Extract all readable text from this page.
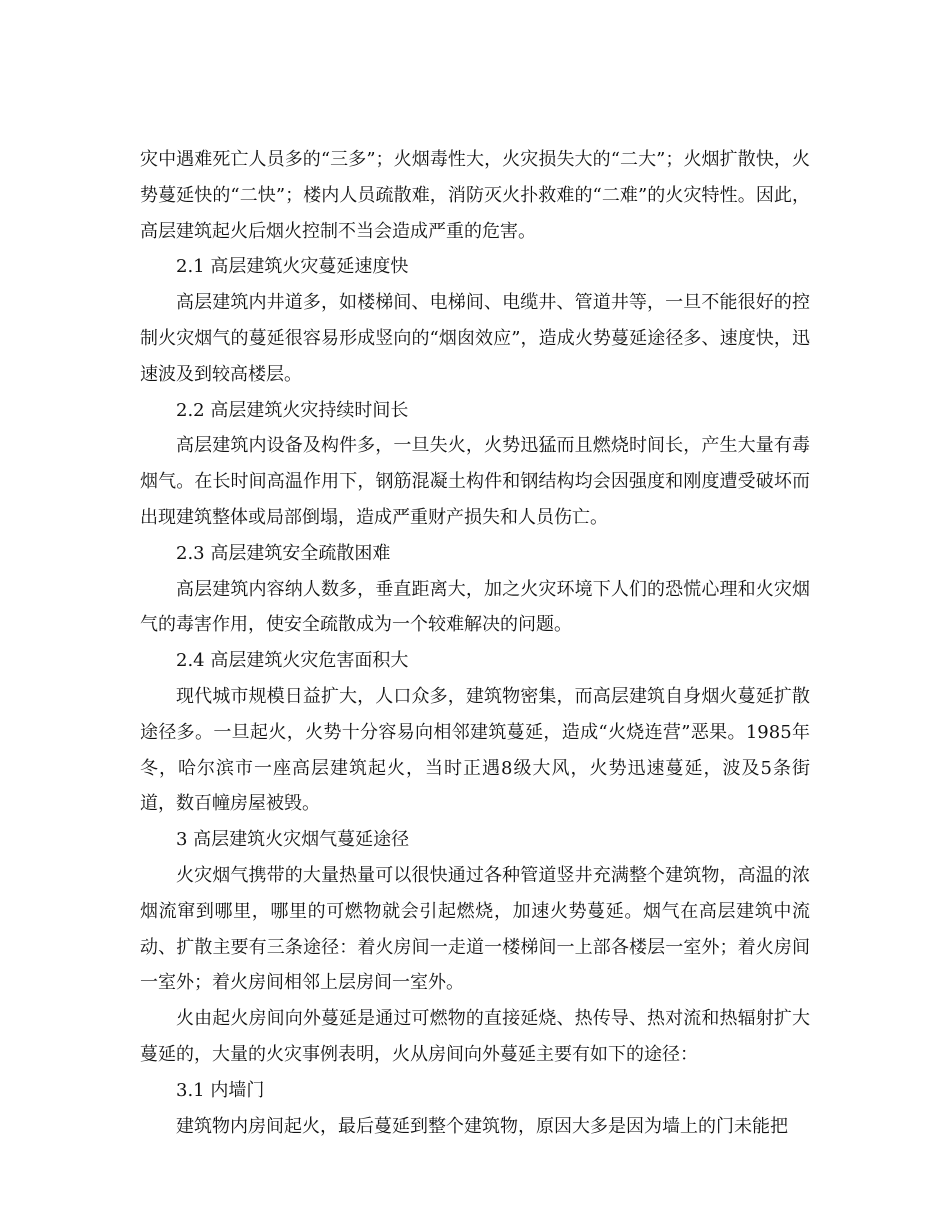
灾中遇难死亡人员多的“三多”；火烟毒性大，火灾损失大的“二大”；火烟扩散快，火势蔓延快的“二快”；楼内人员疏散难，消防灭火扑救难的“二难”的火灾特性。因此，高层建筑起火后烟火控制不当会造成严重的危害。

2.1 高层建筑火灾蔓延速度快

高层建筑内井道多，如楼梯间、电梯间、电缆井、管道井等，一旦不能很好的控制火灾烟气的蔓延很容易形成竖向的“烟囱效应”，造成火势蔓延途径多、速度快，迅速波及到较高楼层。

2.2 高层建筑火灾持续时间长

高层建筑内设备及构件多，一旦失火，火势迅猛而且燃烧时间长，产生大量有毒烟气。在长时间高温作用下，钢筋混凝土构件和钢结构均会因强度和刚度遭受破坏而出现建筑整体或局部倒塌，造成严重财产损失和人员伤亡。

2.3 高层建筑安全疏散困难

高层建筑内容纳人数多，垂直距离大，加之火灾环境下人们的恐慌心理和火灾烟气的毒害作用，使安全疏散成为一个较难解决的问题。

2.4 高层建筑火灾危害面积大

现代城市规模日益扩大，人口众多，建筑物密集，而高层建筑自身烟火蔓延扩散途径多。一旦起火，火势十分容易向相邻建筑蔓延，造成“火烧连营”恶果。1985年冬，哈尔滨市一座高层建筑起火，当时正遇8级大风，火势迅速蔓延，波及5条街道，数百幢房屋被毁。

3 高层建筑火灾烟气蔓延途径

火灾烟气携带的大量热量可以很快通过各种管道竖井充满整个建筑物，高温的浓烟流窜到哪里，哪里的可燃物就会引起燃烧，加速火势蔓延。烟气在高层建筑中流动、扩散主要有三条途径：着火房间一走道一楼梯间一上部各楼层一室外；着火房间一室外；着火房间相邻上层房间一室外。

火由起火房间向外蔓延是通过可燃物的直接延烧、热传导、热对流和热辐射扩大蔓延的，大量的火灾事例表明，火从房间向外蔓延主要有如下的途径：

3.1 内墙门

建筑物内房间起火，最后蔓延到整个建筑物，原因大多是因为墙上的门未能把
